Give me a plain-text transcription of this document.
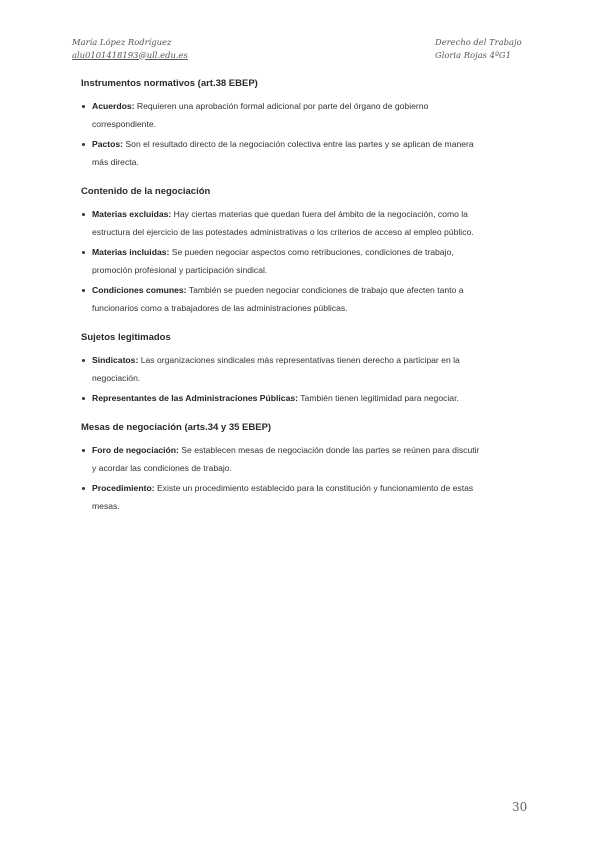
María López Rodríguez
alu0101418193@ull.edu.es
Derecho del Trabajo
Gloria Rojas 4ºG1
Instrumentos normativos (art.38 EBEP)
Acuerdos: Requieren una aprobación formal adicional por parte del órgano de gobierno correspondiente.
Pactos: Son el resultado directo de la negociación colectiva entre las partes y se aplican de manera más directa.
Contenido de la negociación
Materias excluidas: Hay ciertas materias que quedan fuera del ámbito de la negociación, como la estructura del ejercicio de las potestades administrativas o los criterios de acceso al empleo público.
Materias incluidas: Se pueden negociar aspectos como retribuciones, condiciones de trabajo, promoción profesional y participación sindical.
Condiciones comunes: También se pueden negociar condiciones de trabajo que afecten tanto a funcionarios como a trabajadores de las administraciones públicas.
Sujetos legitimados
Sindicatos: Las organizaciones sindicales más representativas tienen derecho a participar en la negociación.
Representantes de las Administraciones Públicas: También tienen legitimidad para negociar.
Mesas de negociación (arts.34 y 35 EBEP)
Foro de negociación: Se establecen mesas de negociación donde las partes se reúnen para discutir y acordar las condiciones de trabajo.
Procedimiento: Existe un procedimiento establecido para la constitución y funcionamiento de estas mesas.
30
